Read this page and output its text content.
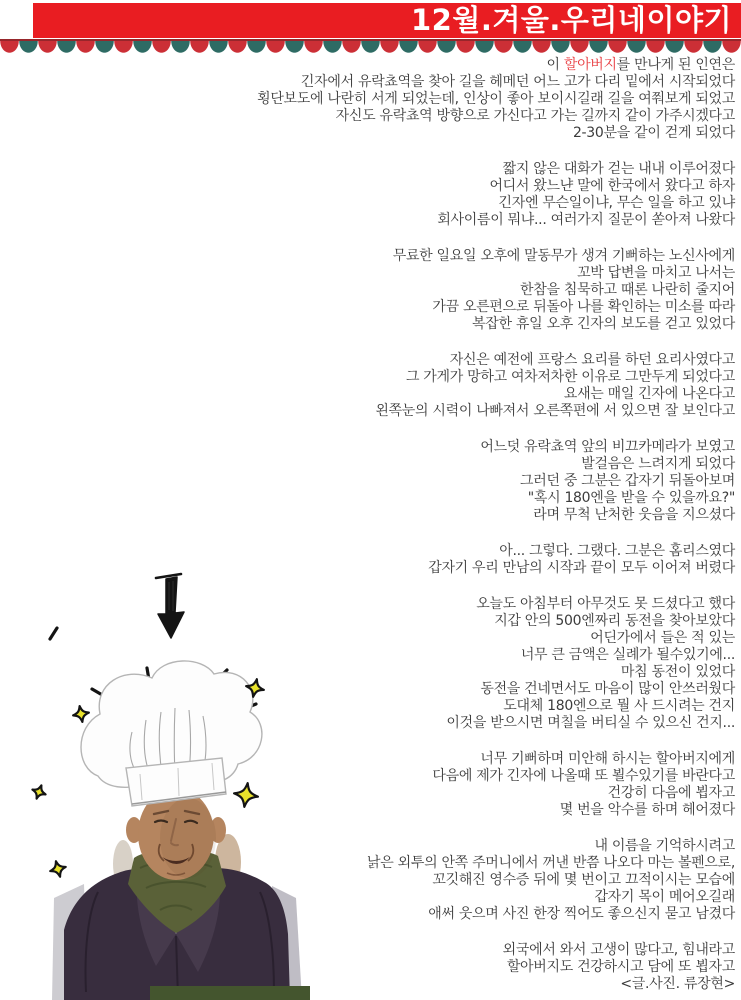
12월.겨울.우리네이야기
이 할아버지를 만나게 된 인연은
긴자에서 유락쵸역을 찾아 길을 헤메던 어느 고가 다리 밑에서 시작되었다
횡단보도에 나란히 서게 되었는데, 인상이 좋아 보이시길래 길을 여쭤보게 되었고
자신도 유락쵸역 방향으로 가신다고 가는 길까지 같이 가주시겠다고
2-30분을 같이 걷게 되었다
짧지 않은 대화가 걷는 내내 이루어졌다
어디서 왔느냔 말에 한국에서 왔다고 하자
긴자엔 무슨일이냐, 무슨 일을 하고 있냐
회사이름이 뭐냐... 여러가지 질문이 쏟아져 나왔다
무료한 일요일 오후에 말동무가 생겨 기뻐하는 노신사에게
꼬박 답변을 마치고 나서는
한참을 침묵하고 때론 나란히 줄지어
가끔 오른편으로 뒤돌아 나를 확인하는 미소를 따라
복잡한 휴일 오후 긴자의 보도를 걷고 있었다
자신은 예전에 프랑스 요리를 하던 요리사였다고
그 가게가 망하고 여차저차한 이유로 그만두게 되었다고
요새는 매일 긴자에 나온다고
왼쪽눈의 시력이 나빠져서 오른쪽편에 서 있으면 잘 보인다고
어느덧 유락쵸역 앞의 비끄카메라가 보였고
발걸음은 느려지게 되었다
그러던 중 그분은 갑자기 뒤돌아보며
"혹시 180엔을 받을 수 있을까요?"
라며 무척 난처한 웃음을 지으셨다
아... 그렇다. 그랬다. 그분은 홈리스였다
갑자기 우리 만남의 시작과 끝이 모두 이어져 버렸다
오늘도 아침부터 아무것도 못 드셨다고 했다
지갑 안의 500엔짜리 동전을 찾아보았다
어딘가에서 들은 적 있는
너무 큰 금액은 실례가 될수있기에...
마침 동전이 있었다
동전을 건네면서도 마음이 많이 안쓰러웠다
도대체 180엔으로 뭘 사 드시려는 건지
이것을 받으시면 며칠을 버티실 수 있으신 건지...
너무 기뻐하며 미안해 하시는 할아버지에게
다음에 제가 긴자에 나올때 또 뵐수있기를 바란다고
건강히 다음에 뵙자고
몇 번을 악수를 하며 헤어졌다
내 이름을 기억하시려고
낡은 외투의 안쪽 주머니에서 꺼낸 반쯤 나오다 마는 볼펜으로,
꼬깃해진 영수증 뒤에 몇 번이고 끄적이시는 모습에
갑자기 목이 메어오길래
애써 웃으며 사진 한장 찍어도 좋으신지 묻고 남겼다
외국에서 와서 고생이 많다고, 힘내라고
할아버지도 건강하시고 담에 또 뵙자고
<글.사진. 류장현>
